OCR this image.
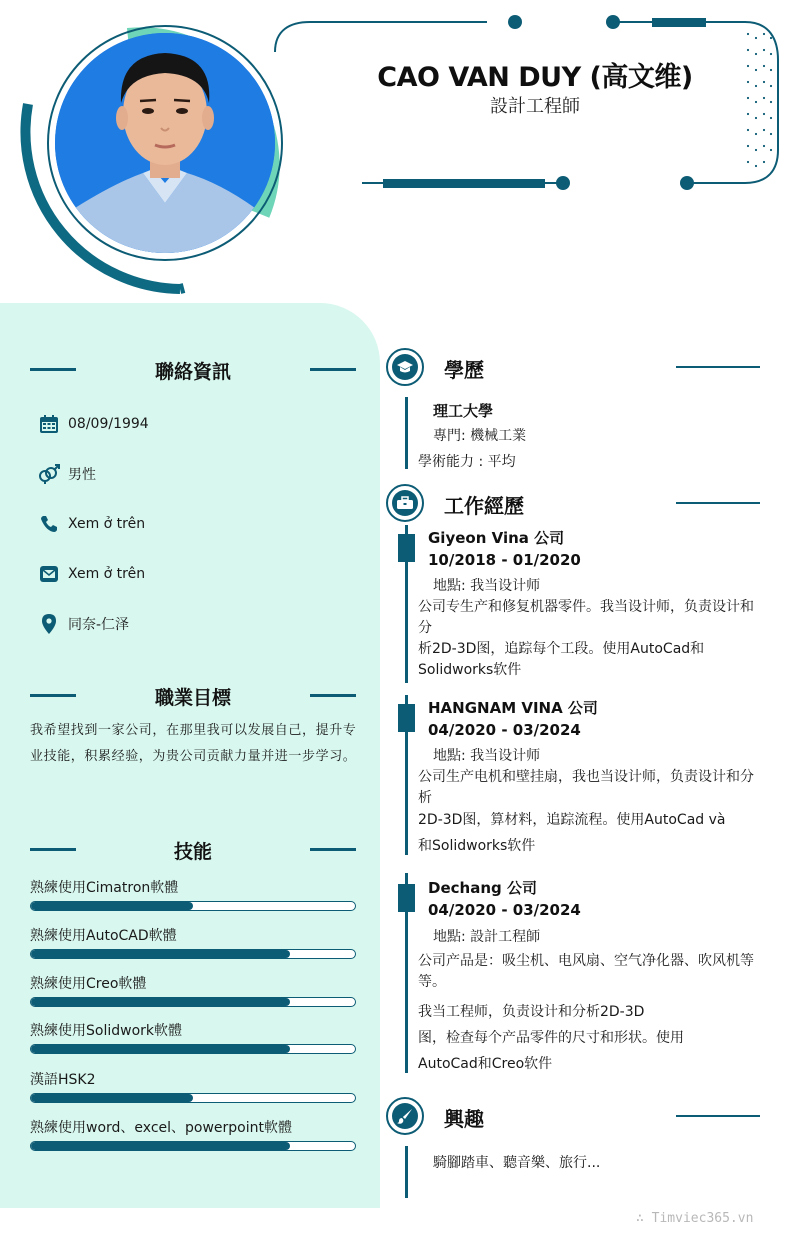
CAO VAN DUY (高文维)
設計工程師
聯絡資訊
08/09/1994
男性
Xem ở trên
Xem ở trên
同奈-仁泽
職業目標
我希望找到一家公司，在那里我可以发展自己，提升专业技能，积累经验，为贵公司贡献力量并进一步学习。
技能
熟練使用Cimatron軟體
熟練使用AutoCAD軟體
熟練使用Creo軟體
熟練使用Solidwork軟體
漢語HSK2
熟練使用word、excel、powerpoint軟體
學歷
理工大學
專門: 機械工業
學術能力 : 平均
工作經歷
Giyeon Vina 公司
10/2018 - 01/2020
地點: 我当设计师
公司专生产和修复机器零件。我当设计师，负责设计和分
析2D-3D图，追踪每个工段。使用AutoCad和Solidworks软件
HANGNAM VINA 公司
04/2020 - 03/2024
地點: 我当设计师
公司生产电机和壁挂扇，我也当设计师，负责设计和分析
2D-3D图，算材料，追踪流程。使用AutoCad và
和Solidworks软件
Dechang 公司
04/2020 - 03/2024
地點: 設計工程師
公司产品是：吸尘机、电风扇、空气净化器、吹风机等等。
我当工程师，负责设计和分析2D-3D
图，检查每个产品零件的尺寸和形状。使用
AutoCad和Creo软件
興趣
騎腳踏車、聽音樂、旅行...
∴ Timviec365.vn
